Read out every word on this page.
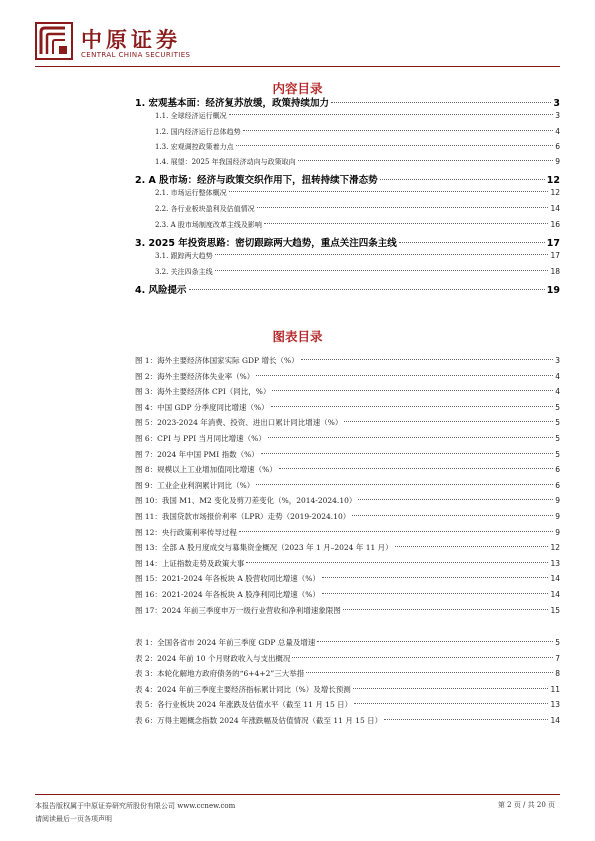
中原证券
CENTRAL CHINA SECURITIES
内容目录
1. 宏观基本面：经济复苏放缓，政策持续加力	3
1.1. 全球经济运行概况	3
1.2. 国内经济运行总体趋势	4
1.3. 宏观调控政策着力点	6
1.4. 展望：2025 年我国经济动向与政策取向	9
2. A 股市场：经济与政策交织作用下，扭转持续下滑态势	12
2.1. 市场运行整体概况	12
2.2. 各行业板块盈利及估值情况	14
2.3. A 股市场制度改革主线及影响	16
3. 2025 年投资思路：密切跟踪两大趋势，重点关注四条主线	17
3.1. 跟踪两大趋势	17
3.2. 关注四条主线	18
4. 风险提示	19
图表目录
图 1：海外主要经济体国家实际 GDP 增长（%）	3
图 2：海外主要经济体失业率（%）	4
图 3：海外主要经济体 CPI（同比，%）	4
图 4：中国 GDP 分季度同比增速（%）	5
图 5：2023-2024 年消费、投资、进出口累计同比增速（%）	5
图 6：CPI 与 PPI 当月同比增速（%）	5
图 7：2024 年中国 PMI 指数（%）	5
图 8：规模以上工业增加值同比增速（%）	6
图 9：工业企业利润累计同比（%）	6
图 10：我国 M1、M2 变化及剪刀差变化（%，2014-2024.10）	9
图 11：我国贷款市场报价利率（LPR）走势（2019-2024.10）	9
图 12：央行政策利率传导过程	9
图 13：全部 A 股月度成交与募集资金概况（2023 年 1 月–2024 年 11 月）	12
图 14：上证指数走势及政策大事	13
图 15：2021-2024 年各板块 A 股营收同比增速（%）	14
图 16：2021-2024 年各板块 A 股净利同比增速（%）	14
图 17：2024 年前三季度申万一级行业营收和净利增速象限图	15
表 1：全国各省市 2024 年前三季度 GDP 总量及增速	5
表 2：2024 年前 10 个月财政收入与支出概况	7
表 3：本轮化解地方政府债务的“6+4+2”三大举措	8
表 4：2024 年前三季度主要经济指标累计同比（%）及增长预测	11
表 5：各行业板块 2024 年涨跌及估值水平（截至 11 月 15 日）	13
表 6：万得主题概念指数 2024 年涨跌幅及估值情况（截至 11 月 15 日）	14
本报告版权属于中原证券研究所股份有限公司 www.ccnew.com
请阅读最后一页各项声明
第 2 页 / 共 20 页
